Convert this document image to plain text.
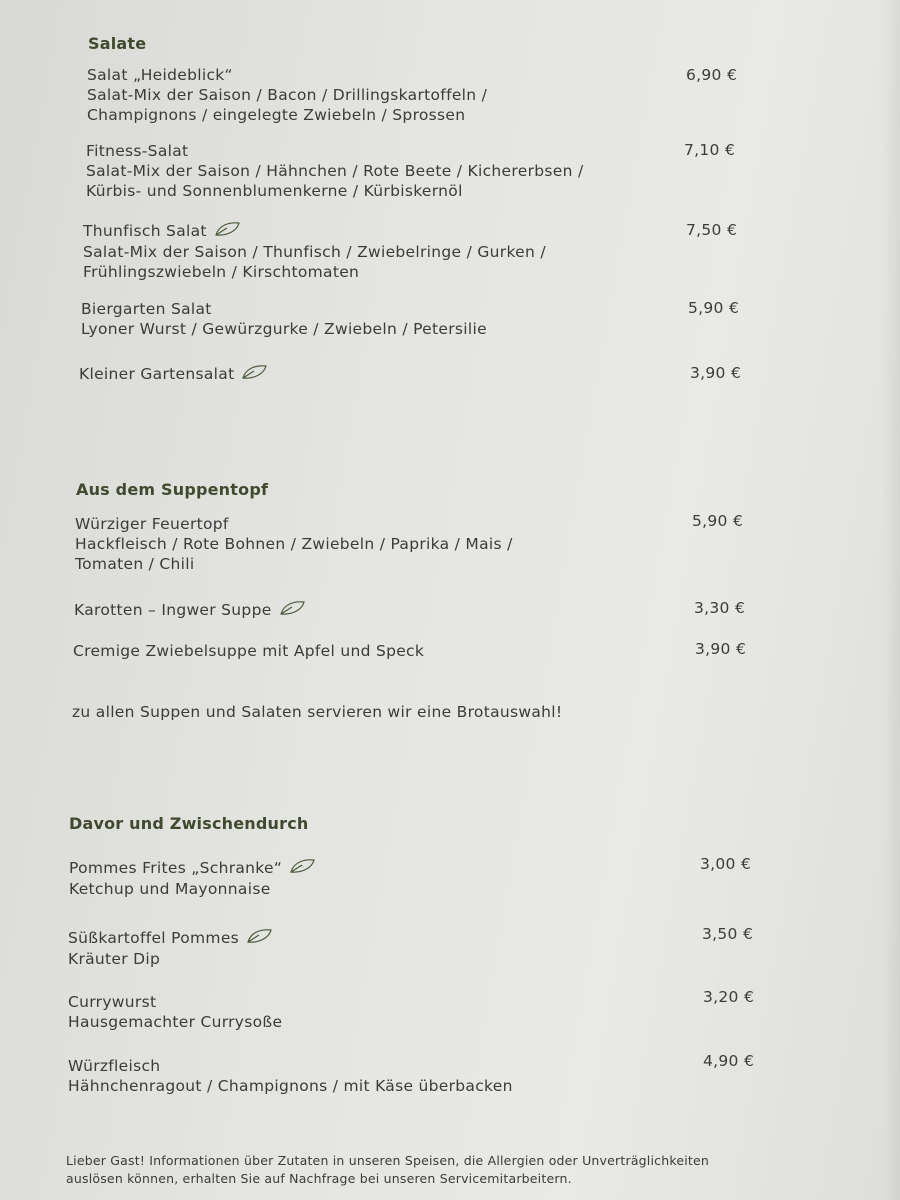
Salate
Salat „Heideblick“
Salat-Mix der Saison / Bacon / Drillingskartoffeln /
Champignons / eingelegte Zwiebeln / Sprossen
6,90 €
Fitness-Salat
Salat-Mix der Saison / Hähnchen / Rote Beete / Kichererbsen /
Kürbis- und Sonnenblumenkerne / Kürbiskernöl
7,10 €
Thunfisch Salat
Salat-Mix der Saison / Thunfisch / Zwiebelringe / Gurken /
Frühlingszwiebeln / Kirschtomaten
7,50 €
Biergarten Salat
Lyoner Wurst / Gewürzgurke / Zwiebeln / Petersilie
5,90 €
Kleiner Gartensalat	3,90 €
Aus dem Suppentopf
Würziger Feuertopf
Hackfleisch / Rote Bohnen / Zwiebeln / Paprika / Mais /
Tomaten / Chili
5,90 €
Karotten – Ingwer Suppe	3,30 €
Cremige Zwiebelsuppe mit Apfel und Speck	3,90 €
zu allen Suppen und Salaten servieren wir eine Brotauswahl!
Davor und Zwischendurch
Pommes Frites „Schranke“
Ketchup und Mayonnaise
3,00 €
Süßkartoffel Pommes
Kräuter Dip
3,50 €
Currywurst
Hausgemachter Currysoße
3,20 €
Würzfleisch
Hähnchenragout / Champignons / mit Käse überbacken
4,90 €
Lieber Gast! Informationen über Zutaten in unseren Speisen, die Allergien oder Unverträglichkeiten
auslösen können, erhalten Sie auf Nachfrage bei unseren Servicemitarbeitern.
